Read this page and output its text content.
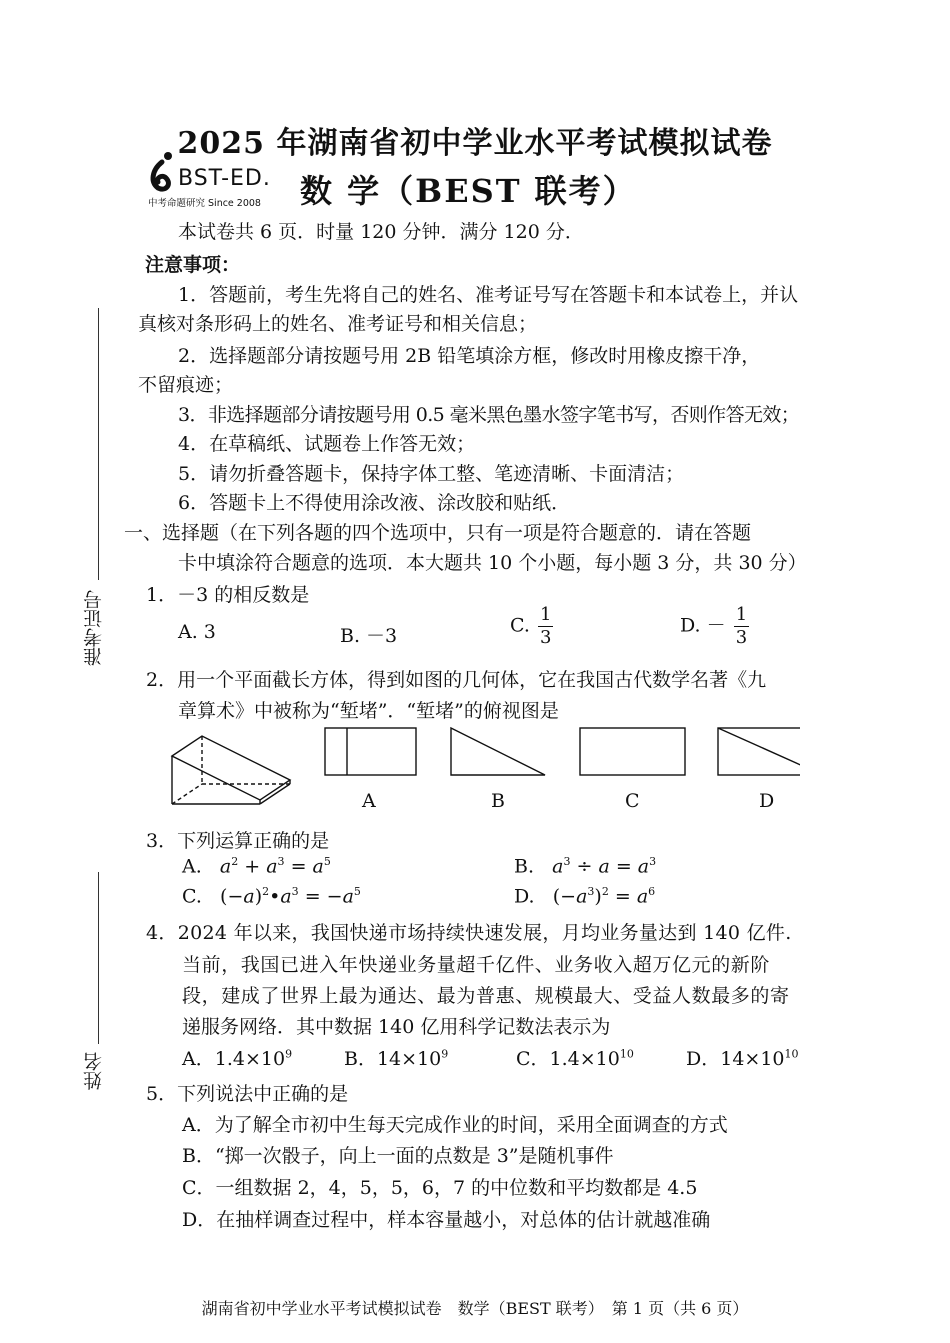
2025 年湖南省初中学业水平考试模拟试卷
BST-ED.
中考命题研究 Since 2008 数 学（BEST 联考）
本试卷共 6 页．时量 120 分钟．满分 120 分．
注意事项：
1．答题前，考生先将自己的姓名、准考证号写在答题卡和本试卷上，并认
真核对条形码上的姓名、准考证号和相关信息；
2．选择题部分请按题号用 2B 铅笔填涂方框，修改时用橡皮擦干净，
不留痕迹；
3．非选择题部分请按题号用 0.5 毫米黑色墨水签字笔书写，否则作答无效；
4．在草稿纸、试题卷上作答无效；
5．请勿折叠答题卡，保持字体工整、笔迹清晰、卡面清洁；
6．答题卡上不得使用涂改液、涂改胶和贴纸．
准考证号
姓名
一、选择题（在下列各题的四个选项中，只有一项是符合题意的．请在答题
卡中填涂符合题意的选项．本大题共 10 个小题，每小题 3 分，共 30 分）
1．－3 的相反数是
A. 3	B. －3	C. $\frac{1}{3}$	D. － $\frac{1}{3}$
2．用一个平面截长方体，得到如图的几何体，它在我国古代数学名著《九
章算术》中被称为“堑堵”．“堑堵”的俯视图是
A	B	C	D
3．下列运算正确的是
A. $a^2 + a^3 = a^5$	B. $a^3 \div a = a^3$
C.   $(-a)^2•a^3 = -a^5$	D.   $(-a^3)^2 = a^6$
4．2024 年以来，我国快递市场持续快速发展，月均业务量达到 140 亿件.
当前，我国已进入年快递业务量超千亿件、业务收入超万亿元的新阶
段，建成了世界上最为通达、最为普惠、规模最大、受益人数最多的寄
递服务网络．其中数据 140 亿用科学记数法表示为
A．$1.4\times 10^9$	B．$14\times 10^9$	C．$1.4\times 10^{10}$	D．$14\times 10^{10}$
5．下列说法中正确的是
A．为了解全市初中生每天完成作业的时间，采用全面调查的方式
B．“掷一次骰子，向上一面的点数是 3”是随机事件
C．一组数据 2，4，5，5，6，7 的中位数和平均数都是 4.5
D．在抽样调查过程中，样本容量越小，对总体的估计就越准确
湖南省初中学业水平考试模拟试卷　数学（BEST 联考）　第 1 页（共 6 页）
